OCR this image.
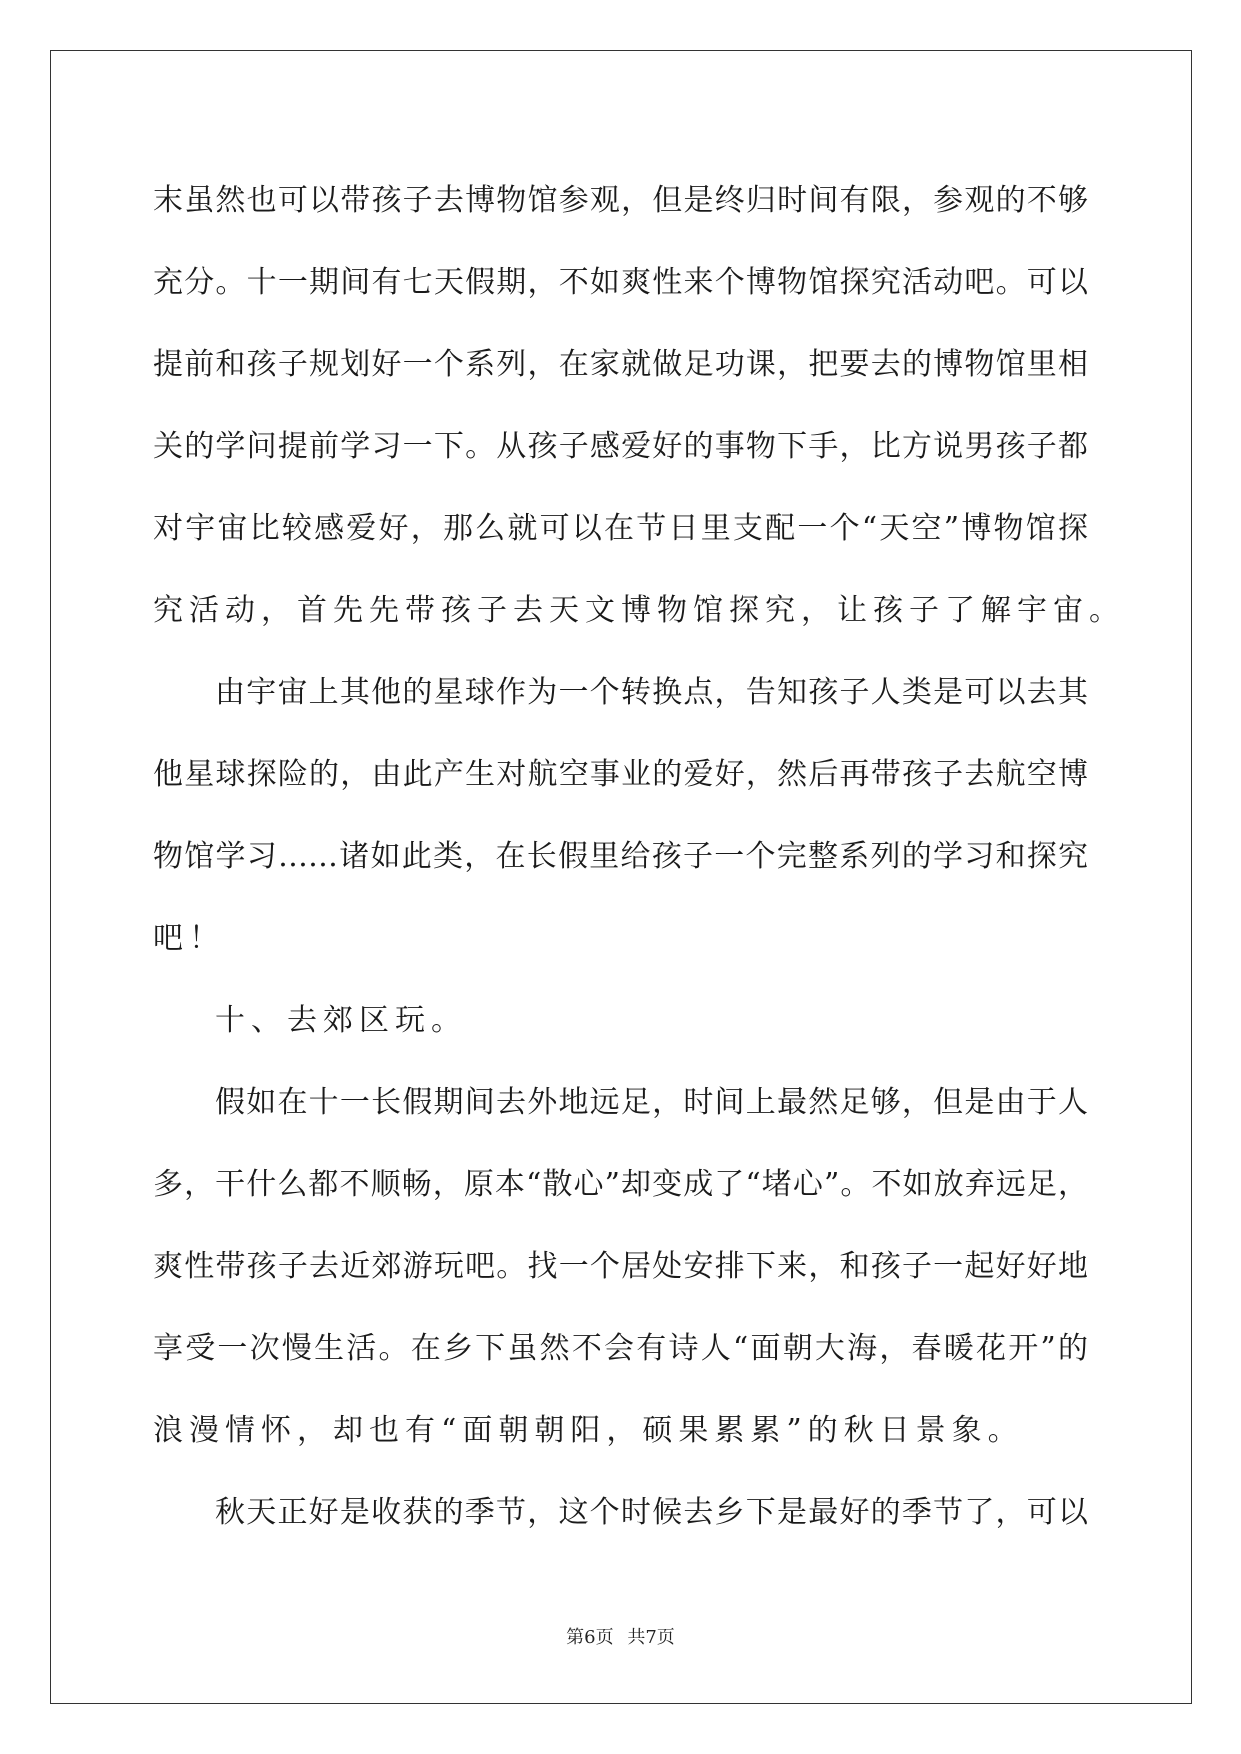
末虽然也可以带孩子去博物馆参观，但是终归时间有限，参观的不够
充分。十一期间有七天假期，不如爽性来个博物馆探究活动吧。可以
提前和孩子规划好一个系列，在家就做足功课，把要去的博物馆里相
关的学问提前学习一下。从孩子感爱好的事物下手，比方说男孩子都
对宇宙比较感爱好，那么就可以在节日里支配一个“天空”博物馆探
究活动，首先先带孩子去天文博物馆探究，让孩子了解宇宙。
由宇宙上其他的星球作为一个转换点，告知孩子人类是可以去其
他星球探险的，由此产生对航空事业的爱好，然后再带孩子去航空博
物馆学习……诸如此类，在长假里给孩子一个完整系列的学习和探究
吧！
十、去郊区玩。
假如在十一长假期间去外地远足，时间上最然足够，但是由于人
多，干什么都不顺畅，原本“散心”却变成了“堵心”。不如放弃远足，
爽性带孩子去近郊游玩吧。找一个居处安排下来，和孩子一起好好地
享受一次慢生活。在乡下虽然不会有诗人“面朝大海，春暖花开”的
浪漫情怀，却也有“面朝朝阳，硕果累累”的秋日景象。
秋天正好是收获的季节，这个时候去乡下是最好的季节了，可以
第6页 共7页
